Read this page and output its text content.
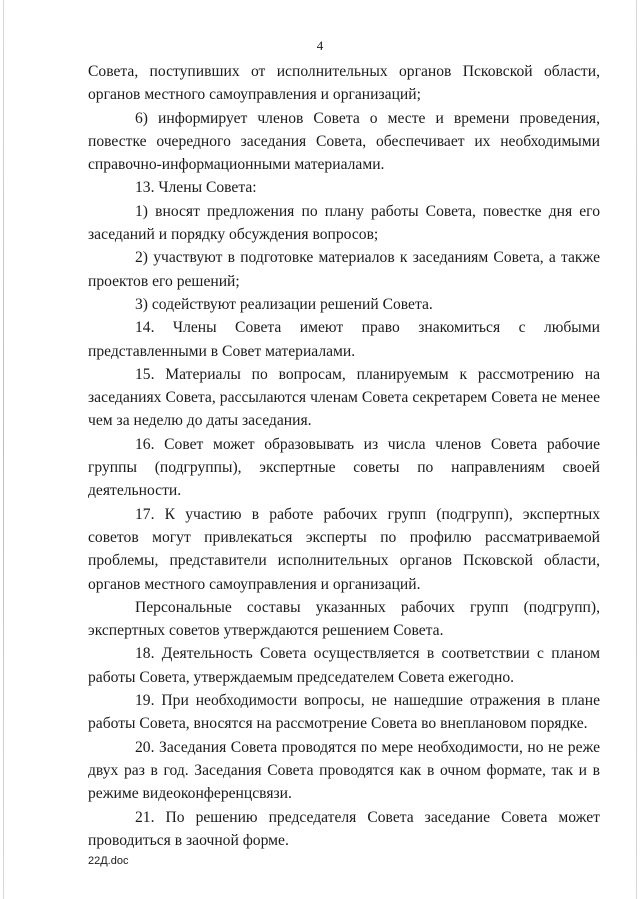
4

Совета, поступивших от исполнительных органов Псковской области, органов местного самоуправления и организаций;

6) информирует членов Совета о месте и времени проведения, повестке очередного заседания Совета, обеспечивает их необходимыми справочно-информационными материалами.

13. Члены Совета:

1) вносят предложения по плану работы Совета, повестке дня его заседаний и порядку обсуждения вопросов;

2) участвуют в подготовке материалов к заседаниям Совета, а также проектов его решений;

3) содействуют реализации решений Совета.

14. Члены Совета имеют право знакомиться с любыми представленными в Совет материалами.

15. Материалы по вопросам, планируемым к рассмотрению на заседаниях Совета, рассылаются членам Совета секретарем Совета не менее чем за неделю до даты заседания.

16. Совет может образовывать из числа членов Совета рабочие группы (подгруппы), экспертные советы по направлениям своей деятельности.

17. К участию в работе рабочих групп (подгрупп), экспертных советов могут привлекаться эксперты по профилю рассматриваемой проблемы, представители исполнительных органов Псковской области, органов местного самоуправления и организаций.

Персональные составы указанных рабочих групп (подгрупп), экспертных советов утверждаются решением Совета.

18. Деятельность Совета осуществляется в соответствии с планом работы Совета, утверждаемым председателем Совета ежегодно.

19. При необходимости вопросы, не нашедшие отражения в плане работы Совета, вносятся на рассмотрение Совета во внеплановом порядке.

20. Заседания Совета проводятся по мере необходимости, но не реже двух раз в год. Заседания Совета проводятся как в очном формате, так и в режиме видеоконференцсвязи.

21. По решению председателя Совета заседание Совета может проводиться в заочной форме.

22Д.doc
